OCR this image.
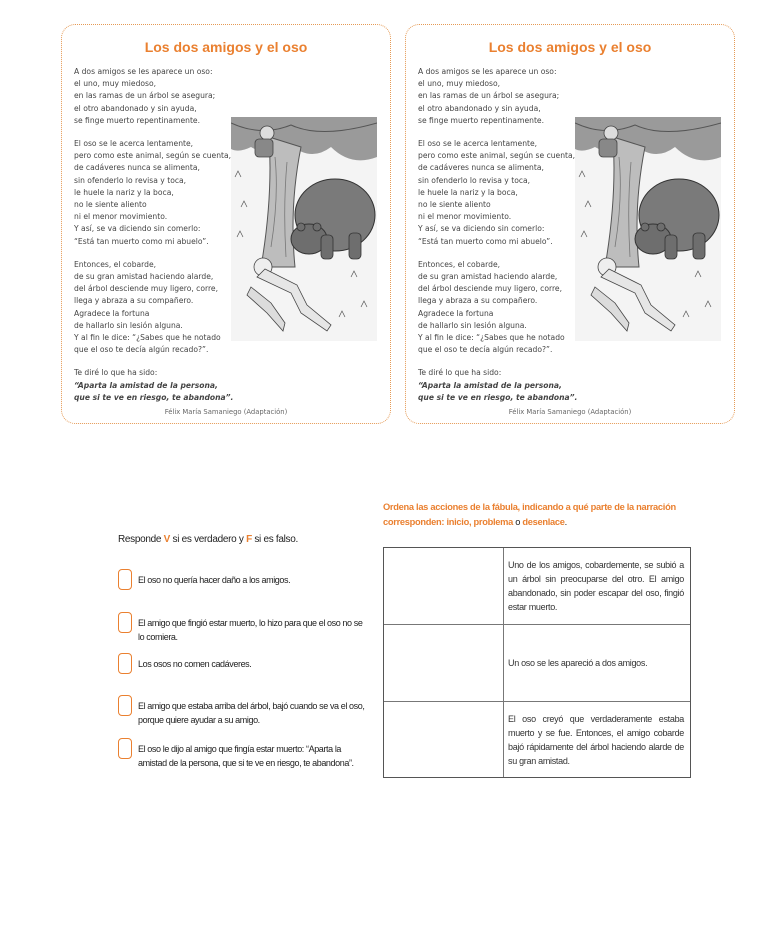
Los dos amigos y el oso
A dos amigos se les aparece un oso:
el uno, muy miedoso,
en las ramas de un árbol se asegura;
el otro abandonado y sin ayuda,
se finge muerto repentinamente.
El oso se le acerca lentamente,
pero como este animal, según se cuenta,
de cadáveres nunca se alimenta,
sin ofenderlo lo revisa y toca,
le huele la nariz y la boca,
no le siente aliento
ni el menor movimiento.
Y así, se va diciendo sin comerlo:
“Está tan muerto como mi abuelo”.
Entonces, el cobarde,
de su gran amistad haciendo alarde,
del árbol desciende muy ligero, corre,
llega y abraza a su compañero.
Agradece la fortuna
de hallarlo sin lesión alguna.
Y al fin le dice: “¿Sabes que he notado
que el oso te decía algún recado?”.
Te diré lo que ha sido:
“Aparta la amistad de la persona,
que si te ve en riesgo, te abandona”.
Félix María Samaniego (Adaptación)
Los dos amigos y el oso
A dos amigos se les aparece un oso:
el uno, muy miedoso,
en las ramas de un árbol se asegura;
el otro abandonado y sin ayuda,
se finge muerto repentinamente.
El oso se le acerca lentamente,
pero como este animal, según se cuenta,
de cadáveres nunca se alimenta,
sin ofenderlo lo revisa y toca,
le huele la nariz y la boca,
no le siente aliento
ni el menor movimiento.
Y así, se va diciendo sin comerlo:
“Está tan muerto como mi abuelo”.
Entonces, el cobarde,
de su gran amistad haciendo alarde,
del árbol desciende muy ligero, corre,
llega y abraza a su compañero.
Agradece la fortuna
de hallarlo sin lesión alguna.
Y al fin le dice: “¿Sabes que he notado
que el oso te decía algún recado?”.
Te diré lo que ha sido:
“Aparta la amistad de la persona,
que si te ve en riesgo, te abandona”.
Félix María Samaniego (Adaptación)
Responde V si es verdadero y F si es falso.
El oso no quería hacer daño a los amigos.
El amigo que fingió estar muerto, lo hizo para que el oso no se lo comiera.
Los osos no comen cadáveres.
El amigo que estaba arriba del árbol, bajó cuando se va el oso, porque quiere ayudar a su amigo.
El oso le dijo al amigo que fingía estar muerto: “Aparta la amistad de la persona, que si te ve en riesgo, te abandona”.
Ordena las acciones de la fábula, indicando a qué parte de la narración corresponden: inicio, problema o desenlace.
Uno de los amigos, cobardemente, se subió a un árbol sin preocuparse del otro. El amigo abandonado, sin poder escapar del oso, fingió estar muerto.
Un oso se les apareció a dos amigos.
El oso creyó que verdaderamente estaba muerto y se fue. Entonces, el amigo cobarde bajó rápidamente del árbol haciendo alarde de su gran amistad.
